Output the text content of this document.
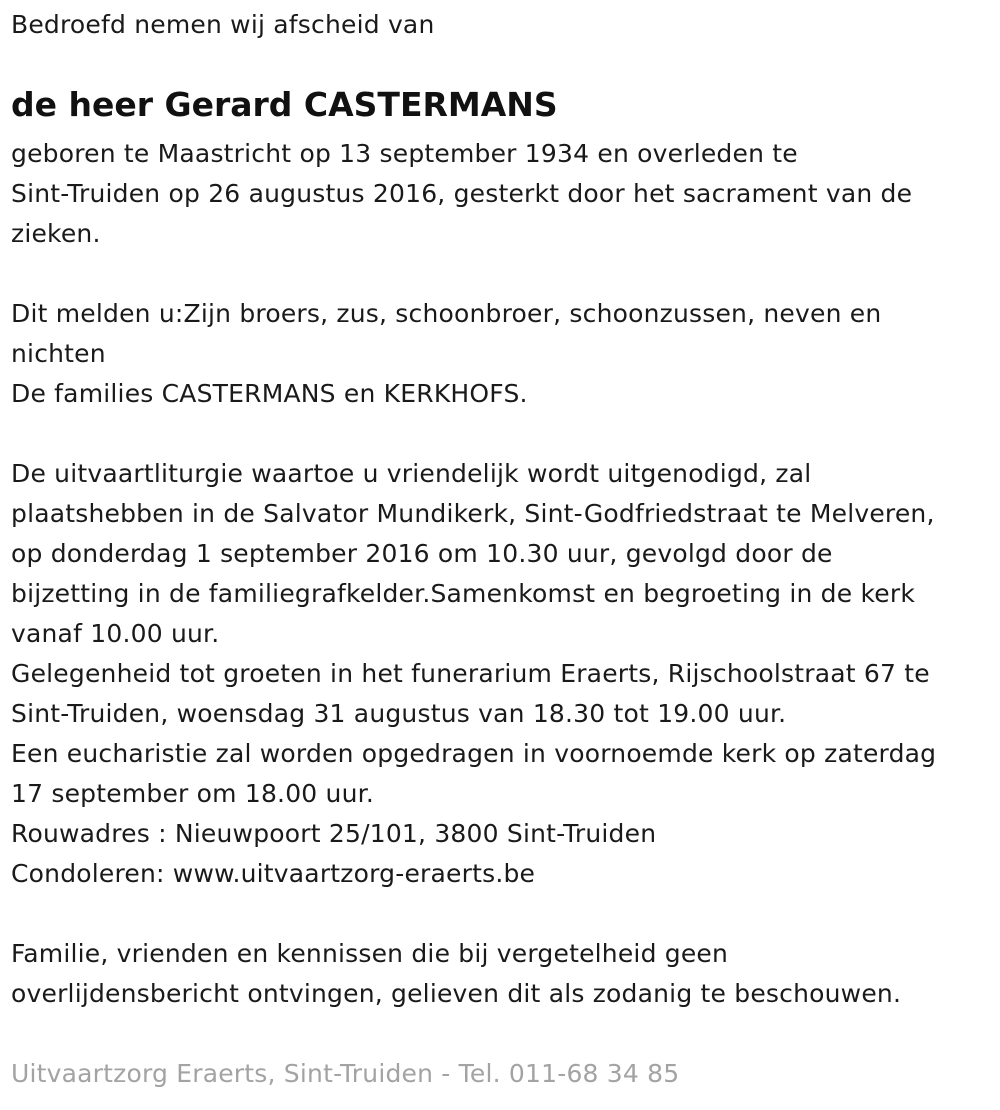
Bedroefd nemen wij afscheid van
de heer Gerard CASTERMANS
geboren te Maastricht op 13 september 1934 en overleden te
Sint-Truiden op 26 augustus 2016, gesterkt door het sacrament van de
zieken.
Dit melden u:Zijn broers, zus, schoonbroer, schoonzussen, neven en
nichten
De families CASTERMANS en KERKHOFS.
De uitvaartliturgie waartoe u vriendelijk wordt uitgenodigd, zal
plaatshebben in de Salvator Mundikerk, Sint-Godfriedstraat te Melveren,
op donderdag 1 september 2016 om 10.30 uur, gevolgd door de
bijzetting in de familiegrafkelder.Samenkomst en begroeting in de kerk
vanaf 10.00 uur.
Gelegenheid tot groeten in het funerarium Eraerts, Rijschoolstraat 67 te
Sint-Truiden, woensdag 31 augustus van 18.30 tot 19.00 uur.
Een eucharistie zal worden opgedragen in voornoemde kerk op zaterdag
17 september om 18.00 uur.
Rouwadres : Nieuwpoort 25/101, 3800 Sint-Truiden
Condoleren: www.uitvaartzorg-eraerts.be
Familie, vrienden en kennissen die bij vergetelheid geen
overlijdensbericht ontvingen, gelieven dit als zodanig te beschouwen.
Uitvaartzorg Eraerts, Sint-Truiden - Tel. 011-68 34 85
